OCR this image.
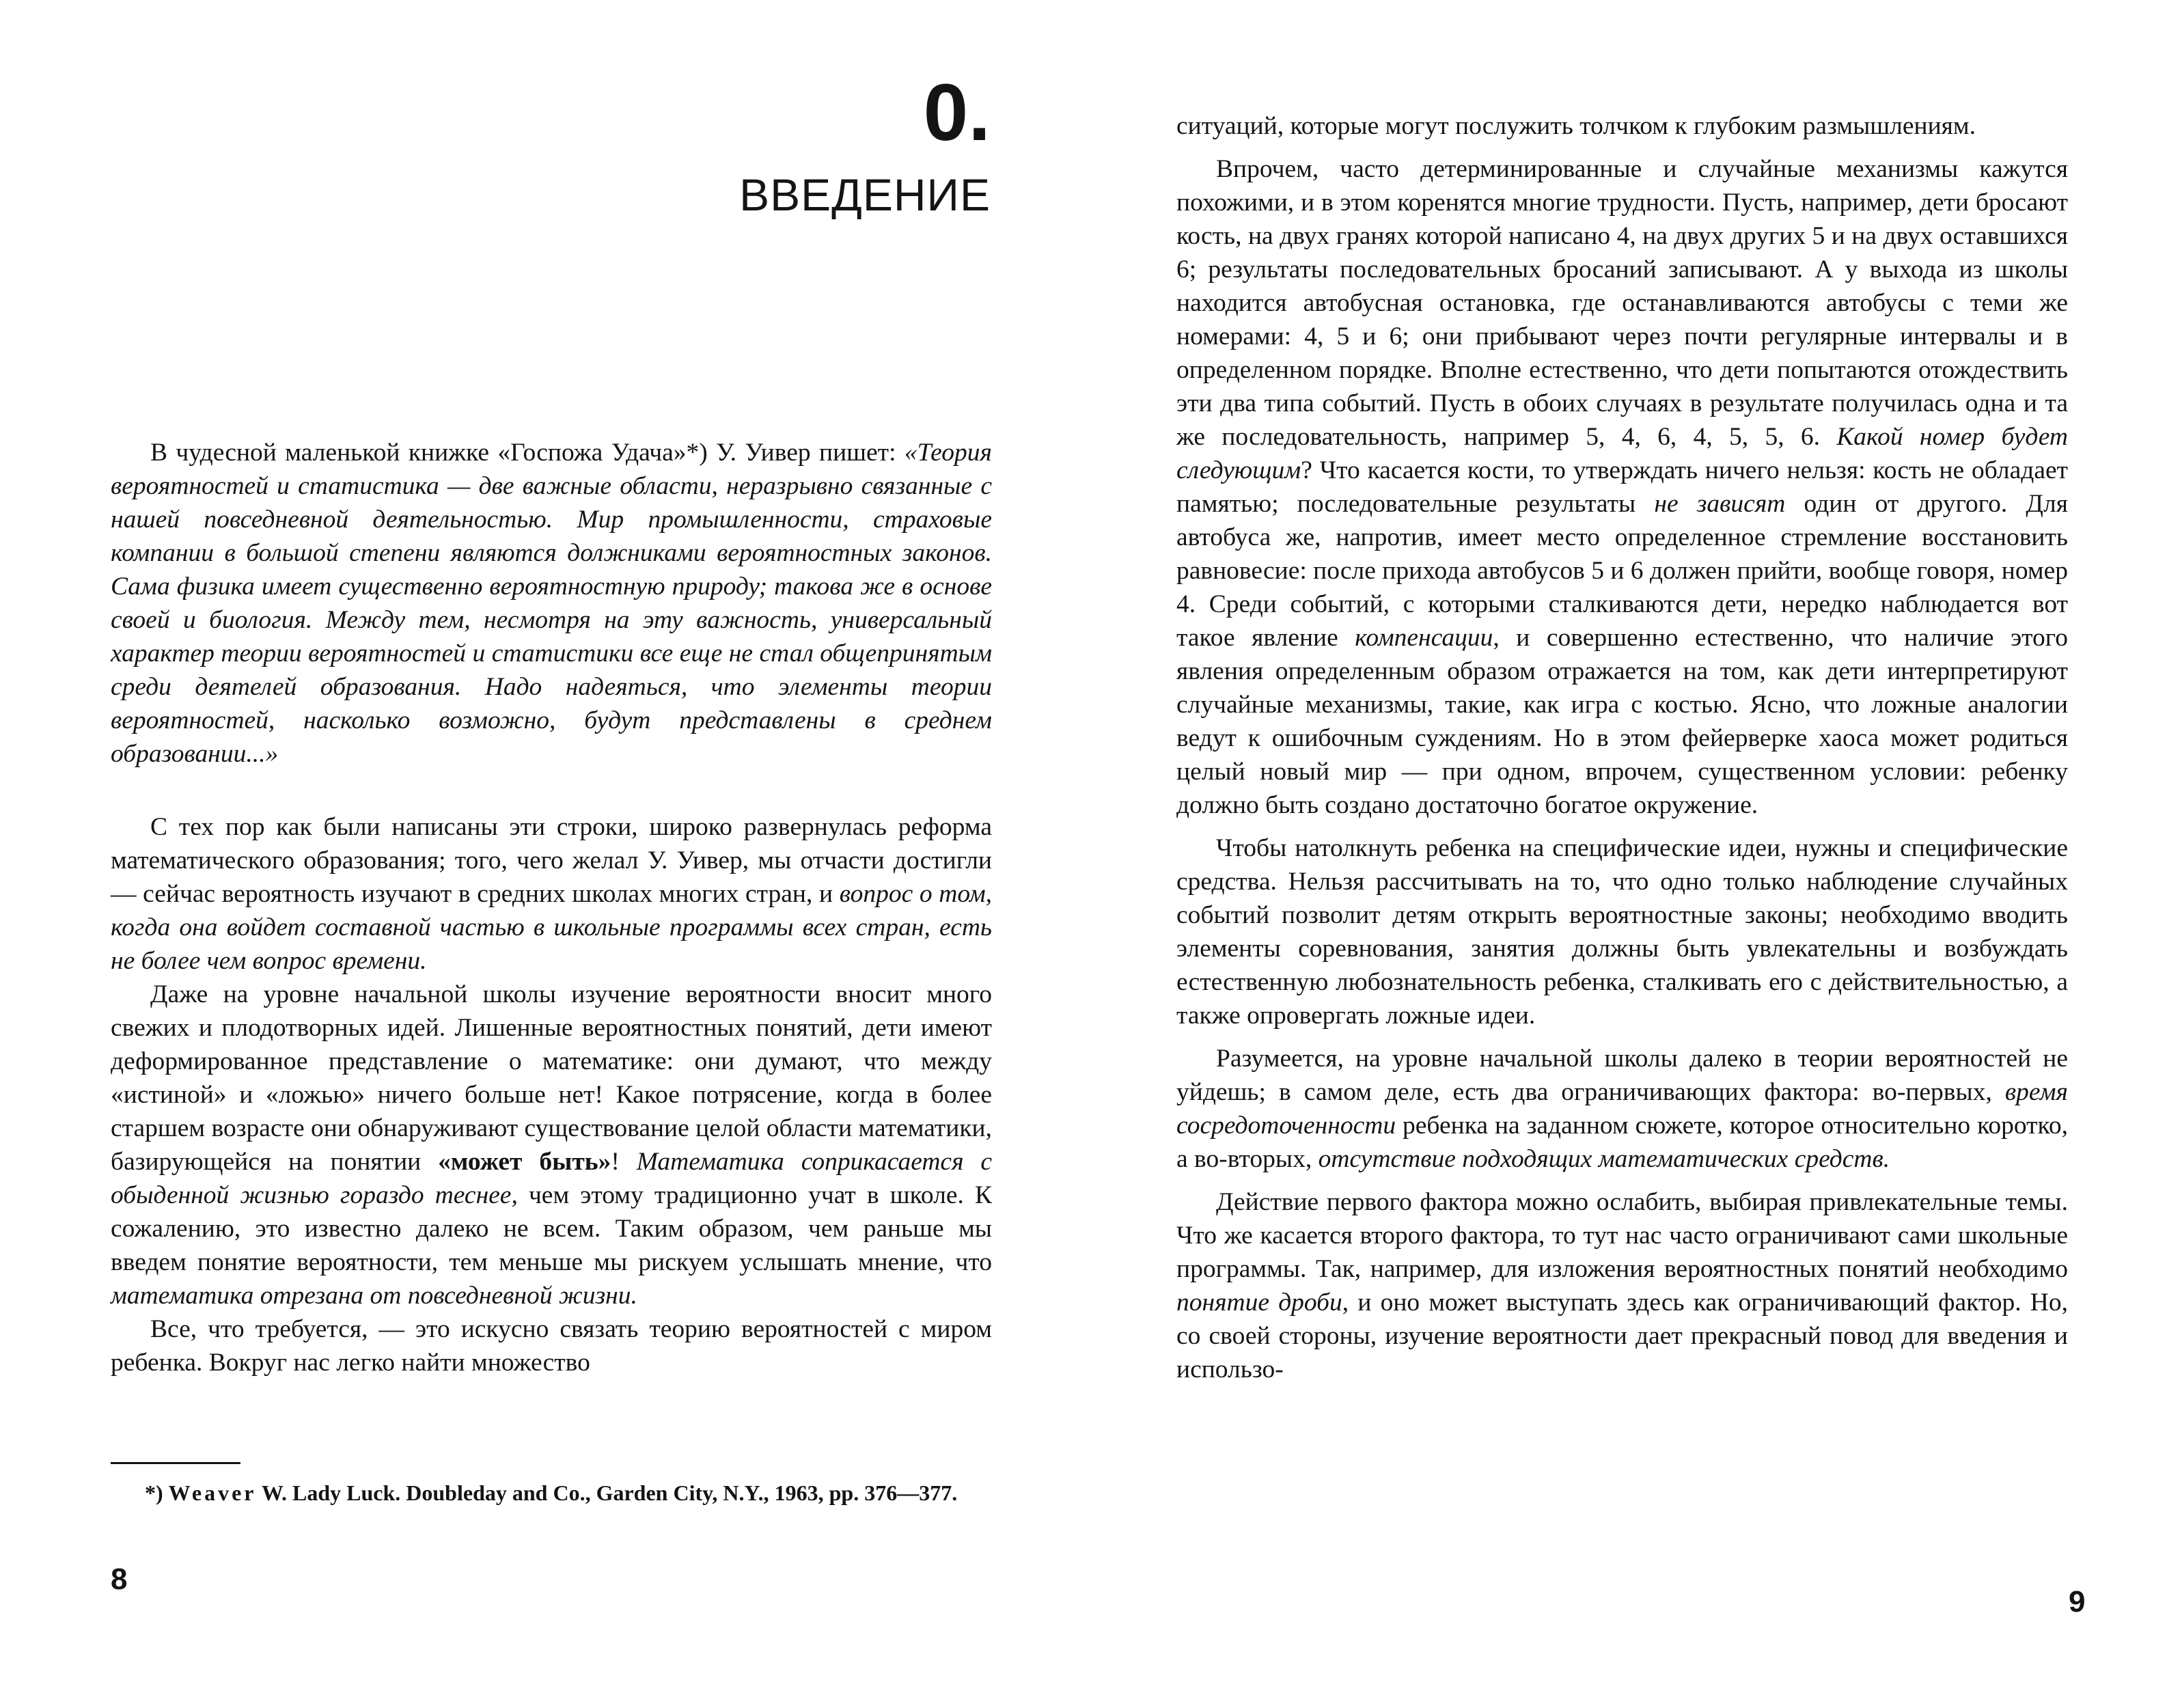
0.
ВВЕДЕНИЕ

В чудесной маленькой книжке «Госпожа Удача»*) У. Уивер пишет: «Теория вероятностей и статистика — две важные области, неразрывно связанные с нашей повседневной деятельностью. Мир промышленности, страховые компании в большой степени являются должниками вероятностных законов. Сама физика имеет существенно вероятностную природу; такова же в основе своей и биология. Между тем, несмотря на эту важность, универсальный характер теории вероятностей и статистики все еще не стал общепринятым среди деятелей образования. Надо надеяться, что элементы теории вероятностей, насколько возможно, будут представлены в среднем образовании...»

С тех пор как были написаны эти строки, широко развернулась реформа математического образования; того, чего желал У. Уивер, мы отчасти достигли — сейчас вероятность изучают в средних школах многих стран, и вопрос о том, когда она войдет составной частью в школьные программы всех стран, есть не более чем вопрос времени.

Даже на уровне начальной школы изучение вероятности вносит много свежих и плодотворных идей. Лишенные вероятностных понятий, дети имеют деформированное представление о математике: они думают, что между «истиной» и «ложью» ничего больше нет! Какое потрясение, когда в более старшем возрасте они обнаруживают существование целой области математики, базирующейся на понятии «может быть»! Математика соприкасается с обыденной жизнью гораздо теснее, чем этому традиционно учат в школе. К сожалению, это известно далеко не всем. Таким образом, чем раньше мы введем понятие вероятности, тем меньше мы рискуем услышать мнение, что математика отрезана от повседневной жизни.

Все, что требуется, — это искусно связать теорию вероятностей с миром ребенка. Вокруг нас легко найти множество

*) Weaver W. Lady Luck. Doubleday and Co., Garden City, N.Y., 1963, pp. 376—377.

8

ситуаций, которые могут послужить толчком к глубоким размышлениям.

Впрочем, часто детерминированные и случайные механизмы кажутся похожими, и в этом коренятся многие трудности. Пусть, например, дети бросают кость, на двух гранях которой написано 4, на двух других 5 и на двух оставшихся 6; результаты последовательных бросаний записывают. А у выхода из школы находится автобусная остановка, где останавливаются автобусы с теми же номерами: 4, 5 и 6; они прибывают через почти регулярные интервалы и в определенном порядке. Вполне естественно, что дети попытаются отождествить эти два типа событий. Пусть в обоих случаях в результате получилась одна и та же последовательность, например 5, 4, 6, 4, 5, 5, 6. Какой номер будет следующим? Что касается кости, то утверждать ничего нельзя: кость не обладает памятью; последовательные результаты не зависят один от другого. Для автобуса же, напротив, имеет место определенное стремление восстановить равновесие: после прихода автобусов 5 и 6 должен прийти, вообще говоря, номер 4. Среди событий, с которыми сталкиваются дети, нередко наблюдается вот такое явление компенсации, и совершенно естественно, что наличие этого явления определенным образом отражается на том, как дети интерпретируют случайные механизмы, такие, как игра с костью. Ясно, что ложные аналогии ведут к ошибочным суждениям. Но в этом фейерверке хаоса может родиться целый новый мир — при одном, впрочем, существенном условии: ребенку должно быть создано достаточно богатое окружение.

Чтобы натолкнуть ребенка на специфические идеи, нужны и специфические средства. Нельзя рассчитывать на то, что одно только наблюдение случайных событий позволит детям открыть вероятностные законы; необходимо вводить элементы соревнования, занятия должны быть увлекательны и возбуждать естественную любознательность ребенка, сталкивать его с действительностью, а также опровергать ложные идеи.

Разумеется, на уровне начальной школы далеко в теории вероятностей не уйдешь; в самом деле, есть два ограничивающих фактора: во-первых, время сосредоточенности ребенка на заданном сюжете, которое относительно коротко, а во-вторых, отсутствие подходящих математических средств.

Действие первого фактора можно ослабить, выбирая привлекательные темы. Что же касается второго фактора, то тут нас часто ограничивают сами школьные программы. Так, например, для изложения вероятностных понятий необходимо понятие дроби, и оно может выступать здесь как ограничивающий фактор. Но, со своей стороны, изучение вероятности дает прекрасный повод для введения и использо-

9
